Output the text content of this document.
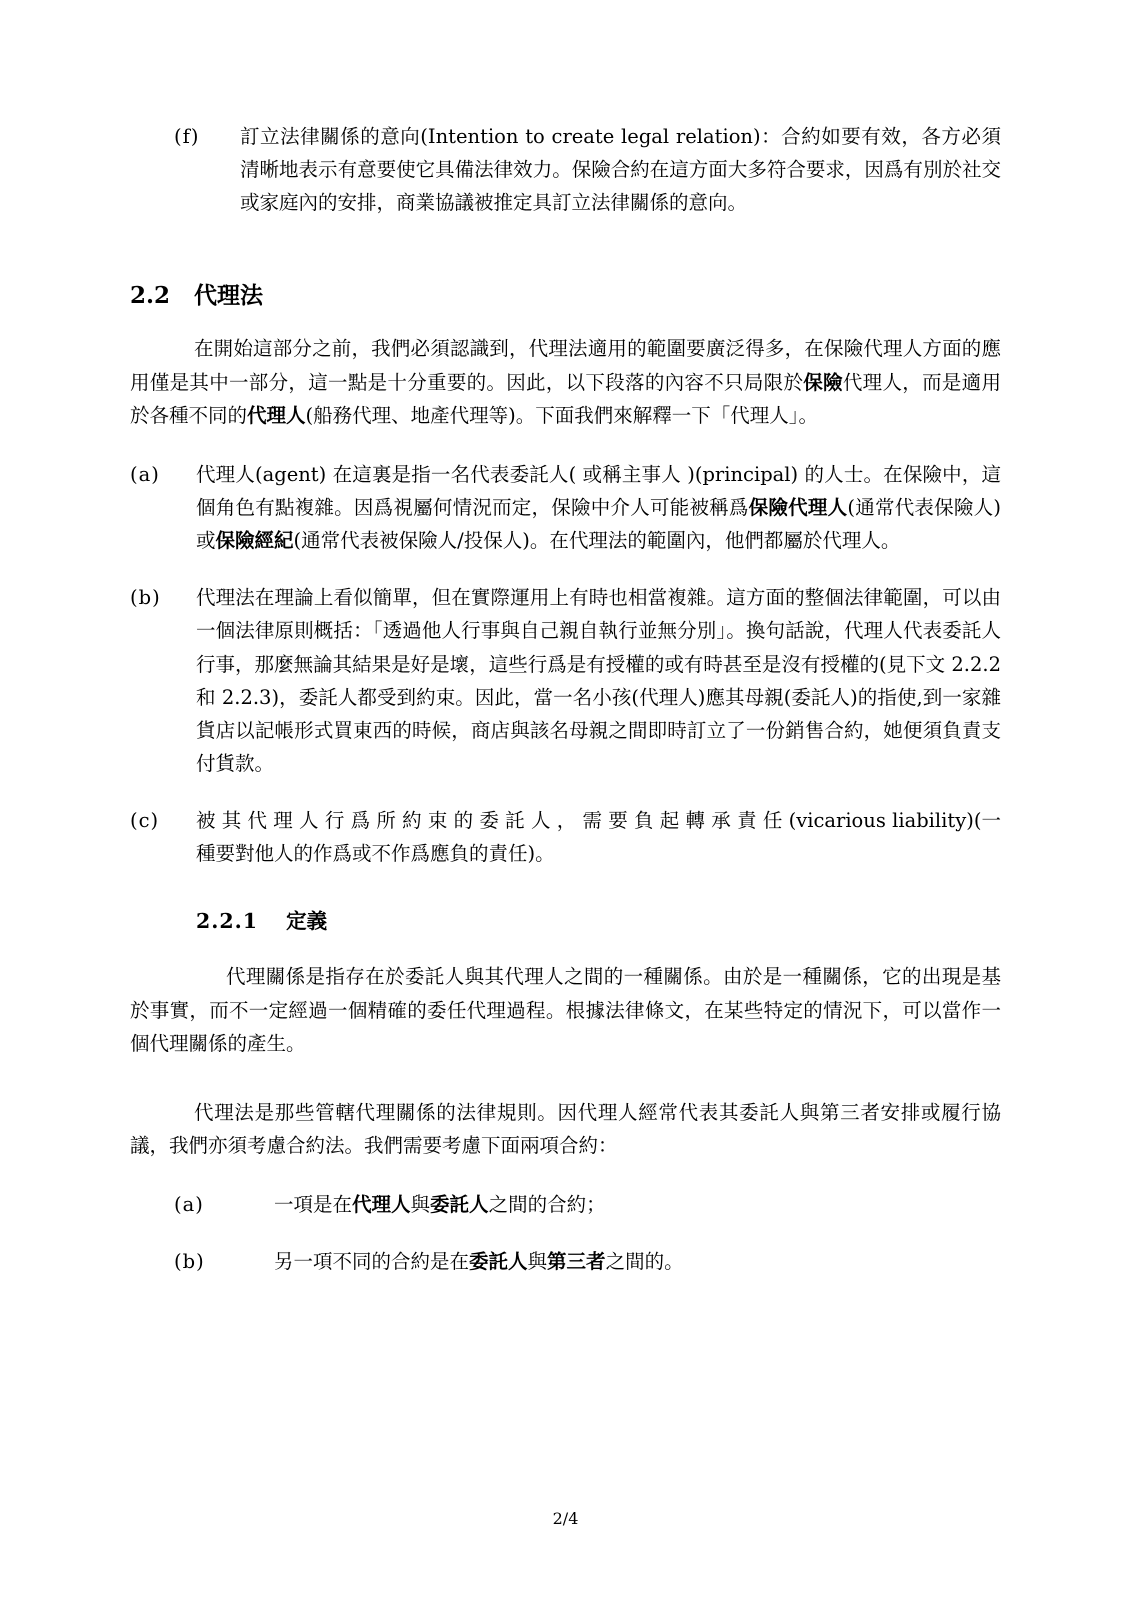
(f)	訂立法律關係的意向(Intention to create legal relation)：合約如要有效，各方必須清晰地表示有意要使它具備法律效力。保險合約在這方面大多符合要求，因爲有別於社交或家庭內的安排，商業協議被推定具訂立法律關係的意向。
2.2 代理法

在開始這部分之前，我們必須認識到，代理法適用的範圍要廣泛得多，在保險代理人方面的應用僅是其中一部分，這一點是十分重要的。因此，以下段落的內容不只局限於保險代理人，而是適用於各種不同的代理人(船務代理、地產代理等)。下面我們來解釋一下「代理人」。

(a)	代理人(agent) 在這裏是指一名代表委託人( 或稱主事人 )(principal) 的人士。在保險中，這個角色有點複雜。因爲視屬何情況而定，保險中介人可能被稱爲保險代理人(通常代表保險人)或保險經紀(通常代表被保險人/投保人)。在代理法的範圍內，他們都屬於代理人。
(b)	代理法在理論上看似簡單，但在實際運用上有時也相當複雜。這方面的整個法律範圍，可以由一個法律原則概括：「透過他人行事與自己親自執行並無分別」。換句話說，代理人代表委託人行事，那麼無論其結果是好是壞，這些行爲是有授權的或有時甚至是沒有授權的(見下文 2.2.2 和 2.2.3)，委託人都受到約束。因此，當一名小孩(代理人)應其母親(委託人)的指使,到一家雜貨店以記帳形式買東西的時候，商店與該名母親之間即時訂立了一份銷售合約，她便須負責支付貨款。
(c)	被 其 代 理 人 行 爲 所 約 束 的 委 託 人 ， 需 要 負 起 轉 承 責 任 (vicarious liability)(一種要對他人的作爲或不作爲應負的責任)。
2.2.1 定義

代理關係是指存在於委託人與其代理人之間的一種關係。由於是一種關係，它的出現是基於事實，而不一定經過一個精確的委任代理過程。根據法律條文，在某些特定的情況下，可以當作一個代理關係的產生。

代理法是那些管轄代理關係的法律規則。因代理人經常代表其委託人與第三者安排或履行協議，我們亦須考慮合約法。我們需要考慮下面兩項合約：

(a)	一項是在代理人與委託人之間的合約；
(b)	另一項不同的合約是在委託人與第三者之間的。
2/4
